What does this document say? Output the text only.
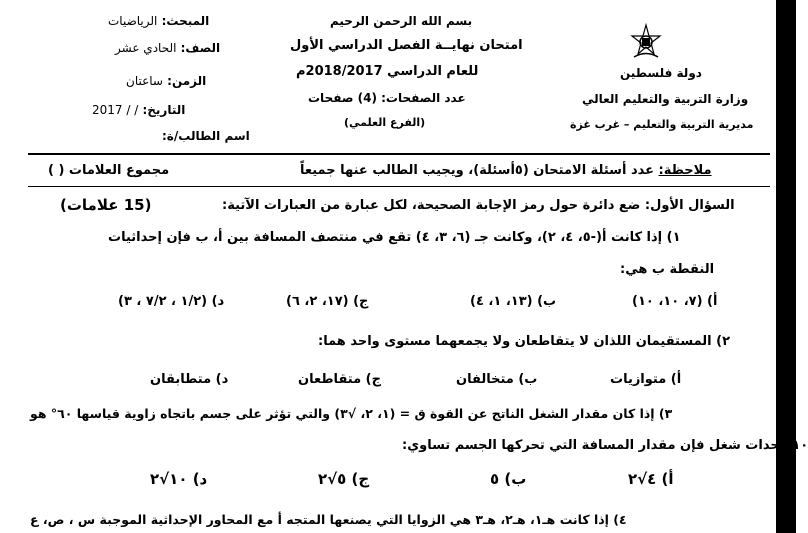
المبحث: الرياضيات
الصف: الحادي عشر
الزمن: ساعتان
التاريخ: / / 2017
اسم الطالب/ة:
بسم الله الرحمن الرحيم
امتحان نهايــة الفصل الدراسي الأول
للعام الدراسي 2018/2017م
عدد الصفحات: (4) صفحات
(الفرع العلمي)
دولة فلسطين
وزارة التربية والتعليم العالي
مديرية التربية والتعليم – غرب غزة
ملاحظة: عدد أسئلة الامتحان (٥أسئلة)، ويجيب الطالب عنها جميعاً
مجموع العلامات ( )
السؤال الأول: ضع دائرة حول رمز الإجابة الصحيحة، لكل عبارة من العبارات الآتية:
(15 علامات)
١) إذا كانت أ(-٥، ٤، ٢)، وكانت جـ (٦، ٣، ٤) تقع في منتصف المسافة بين أ، ب فإن إحداثيات
النقطة ب هي:
أ) (٧، ١٠، ١٠)
ب) (١٣، ١، ٤)
ج) (١٧، ٢، ٦)
د) (١/٢ ، ٧/٢ ، ٣)
٢) المستقيمان اللذان لا يتقاطعان ولا يجمعهما مستوى واحد هما:
أ) متوازيات
ب) متخالفان
ج) متقاطعان
د) متطابقان
٣) إذا كان مقدار الشغل الناتج عن القوة ق = (١، ٢، √٣) والتي تؤثر على جسم باتجاه زاوية قياسها ٦٠° هو
١٠ وحدات شغل فإن مقدار المسافة التي تحركها الجسم تساوي:
أ) ٤√٢
ب) ٥
ج) ٥√٢
د) ١٠√٢
٤) إذا كانت هـ١، هـ٢، هـ٣ هي الزوايا التي يصنعها المتجه أ مع المحاور الإحداثية الموجبة س ، ص، ع
